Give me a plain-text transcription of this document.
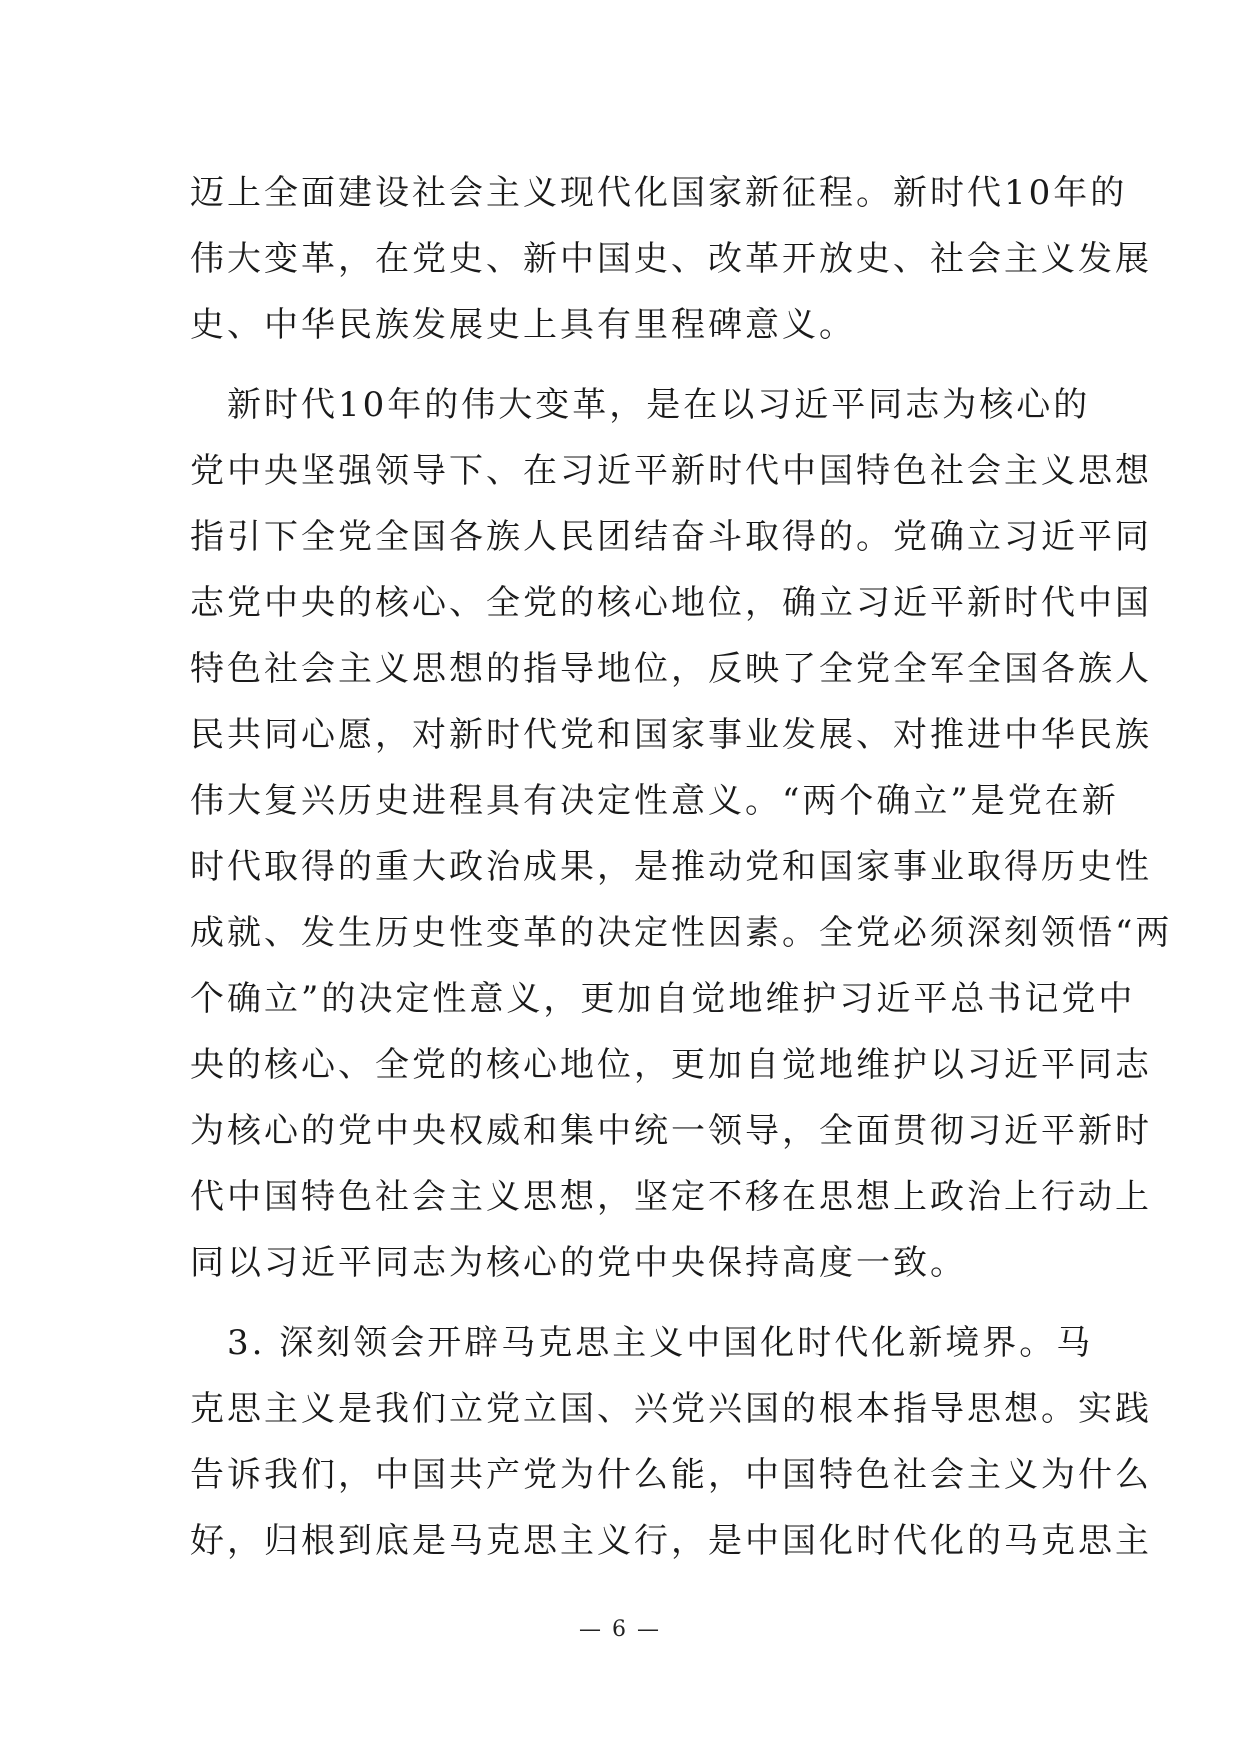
迈上全面建设社会主义现代化国家新征程。新时代10年的
伟大变革，在党史、新中国史、改革开放史、社会主义发展
史、中华民族发展史上具有里程碑意义。

　新时代10年的伟大变革，是在以习近平同志为核心的
党中央坚强领导下、在习近平新时代中国特色社会主义思想
指引下全党全国各族人民团结奋斗取得的。党确立习近平同
志党中央的核心、全党的核心地位，确立习近平新时代中国
特色社会主义思想的指导地位，反映了全党全军全国各族人
民共同心愿，对新时代党和国家事业发展、对推进中华民族
伟大复兴历史进程具有决定性意义。“两个确立”是党在新
时代取得的重大政治成果，是推动党和国家事业取得历史性
成就、发生历史性变革的决定性因素。全党必须深刻领悟“两
个确立”的决定性意义，更加自觉地维护习近平总书记党中
央的核心、全党的核心地位，更加自觉地维护以习近平同志
为核心的党中央权威和集中统一领导，全面贯彻习近平新时
代中国特色社会主义思想，坚定不移在思想上政治上行动上
同以习近平同志为核心的党中央保持高度一致。

　3. 深刻领会开辟马克思主义中国化时代化新境界。马
克思主义是我们立党立国、兴党兴国的根本指导思想。实践
告诉我们，中国共产党为什么能，中国特色社会主义为什么
好，归根到底是马克思主义行，是中国化时代化的马克思主

— 6 —
